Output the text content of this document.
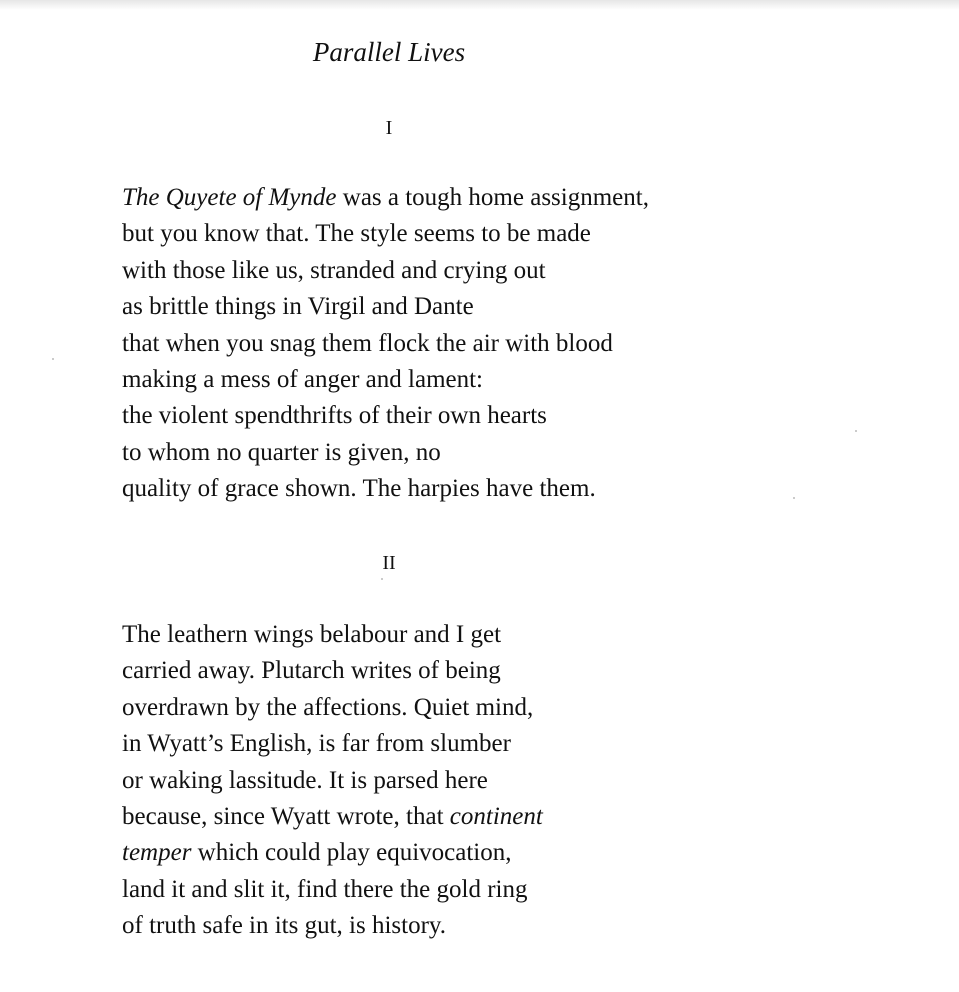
Parallel Lives
I
The Quyete of Mynde was a tough home assignment,
but you know that. The style seems to be made
with those like us, stranded and crying out
as brittle things in Virgil and Dante
that when you snag them flock the air with blood
making a mess of anger and lament:
the violent spendthrifts of their own hearts
to whom no quarter is given, no
quality of grace shown. The harpies have them.
II
The leathern wings belabour and I get
carried away. Plutarch writes of being
overdrawn by the affections. Quiet mind,
in Wyatt’s English, is far from slumber
or waking lassitude. It is parsed here
because, since Wyatt wrote, that continent
temper which could play equivocation,
land it and slit it, find there the gold ring
of truth safe in its gut, is history.
